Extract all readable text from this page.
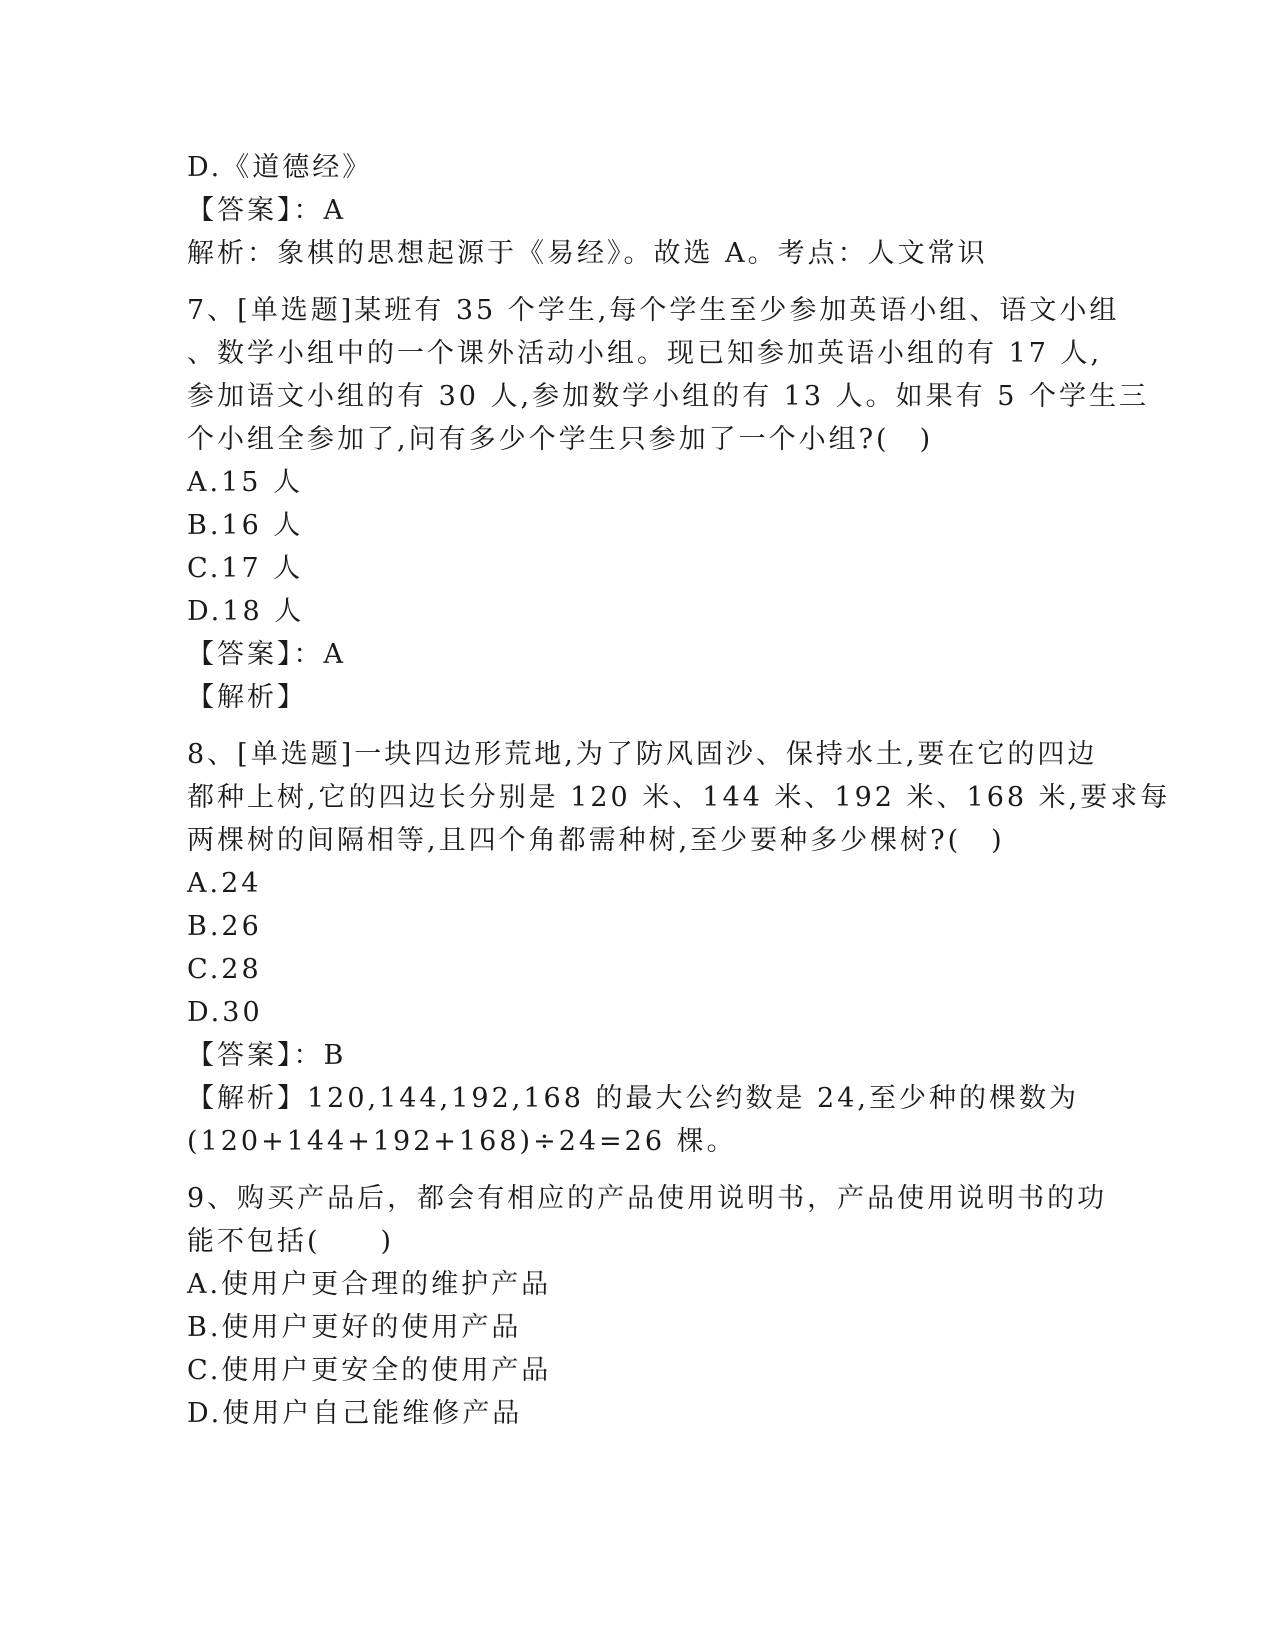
D.《道德经》
【答案】：A
解析：象棋的思想起源于《易经》。故选 A。考点：人文常识
7、[单选题]某班有 35 个学生,每个学生至少参加英语小组、语文小组
、数学小组中的一个课外活动小组。现已知参加英语小组的有 17 人,
参加语文小组的有 30 人,参加数学小组的有 13 人。如果有 5 个学生三
个小组全参加了,问有多少个学生只参加了一个小组?(　)
A.15 人
B.16 人
C.17 人
D.18 人
【答案】：A
【解析】
8、[单选题]一块四边形荒地,为了防风固沙、保持水土,要在它的四边
都种上树,它的四边长分别是 120 米、144 米、192 米、168 米,要求每
两棵树的间隔相等,且四个角都需种树,至少要种多少棵树?(　)
A.24
B.26
C.28
D.30
【答案】：B
【解析】120,144,192,168 的最大公约数是 24,至少种的棵数为
(120+144+192+168)÷24=26 棵。
9、购买产品后，都会有相应的产品使用说明书，产品使用说明书的功
能不包括(　　)
A.使用户更合理的维护产品
B.使用户更好的使用产品
C.使用户更安全的使用产品
D.使用户自己能维修产品
